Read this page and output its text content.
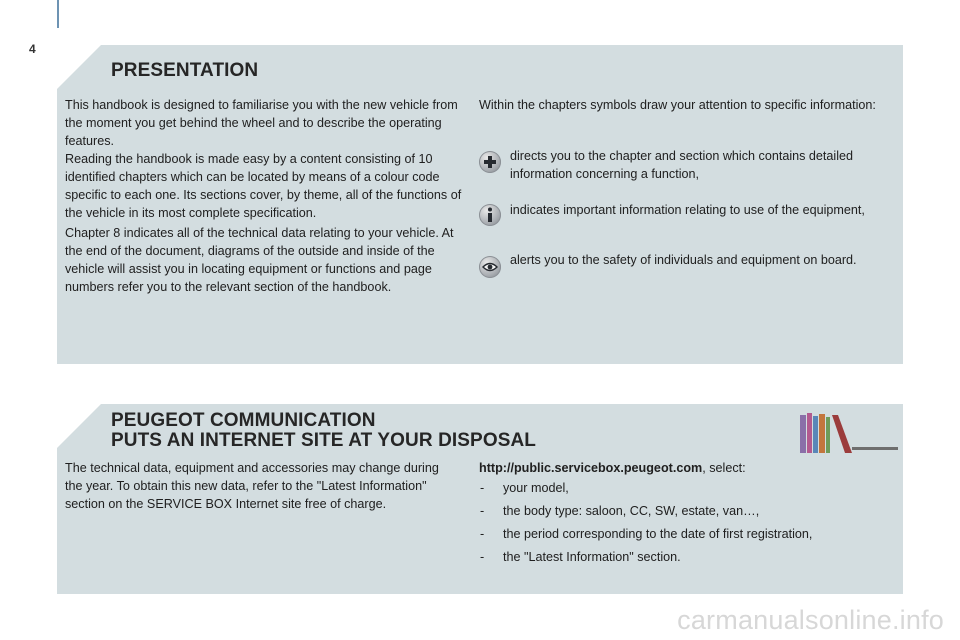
4
PRESENTATION

This handbook is designed to familiarise you with the new vehicle from the moment you get behind the wheel and to describe the operating features.

Reading the handbook is made easy by a content consisting of 10 identified chapters which can be located by means of a colour code specific to each one. Its sections cover, by theme, all of the functions of the vehicle in its most complete specification.

Chapter 8 indicates all of the technical data relating to your vehicle. At the end of the document, diagrams of the outside and inside of the vehicle will assist you in locating equipment or functions and page numbers refer you to the relevant section of the handbook.

Within the chapters symbols draw your attention to specific information:

directs you to the chapter and section which contains detailed information concerning a function,
indicates important information relating to use of the equipment,
alerts you to the safety of individuals and equipment on board.
PEUGEOT COMMUNICATION
PUTS AN INTERNET SITE AT YOUR DISPOSAL

The technical data, equipment and accessories may change during the year. To obtain this new data, refer to the "Latest Information" section on the SERVICE BOX Internet site free of charge.

http://public.servicebox.peugeot.com, select:

- your model,
- the body type: saloon, CC, SW, estate, van…,
- the period corresponding to the date of first registration,
- the "Latest Information" section.
carmanualsonline.info
